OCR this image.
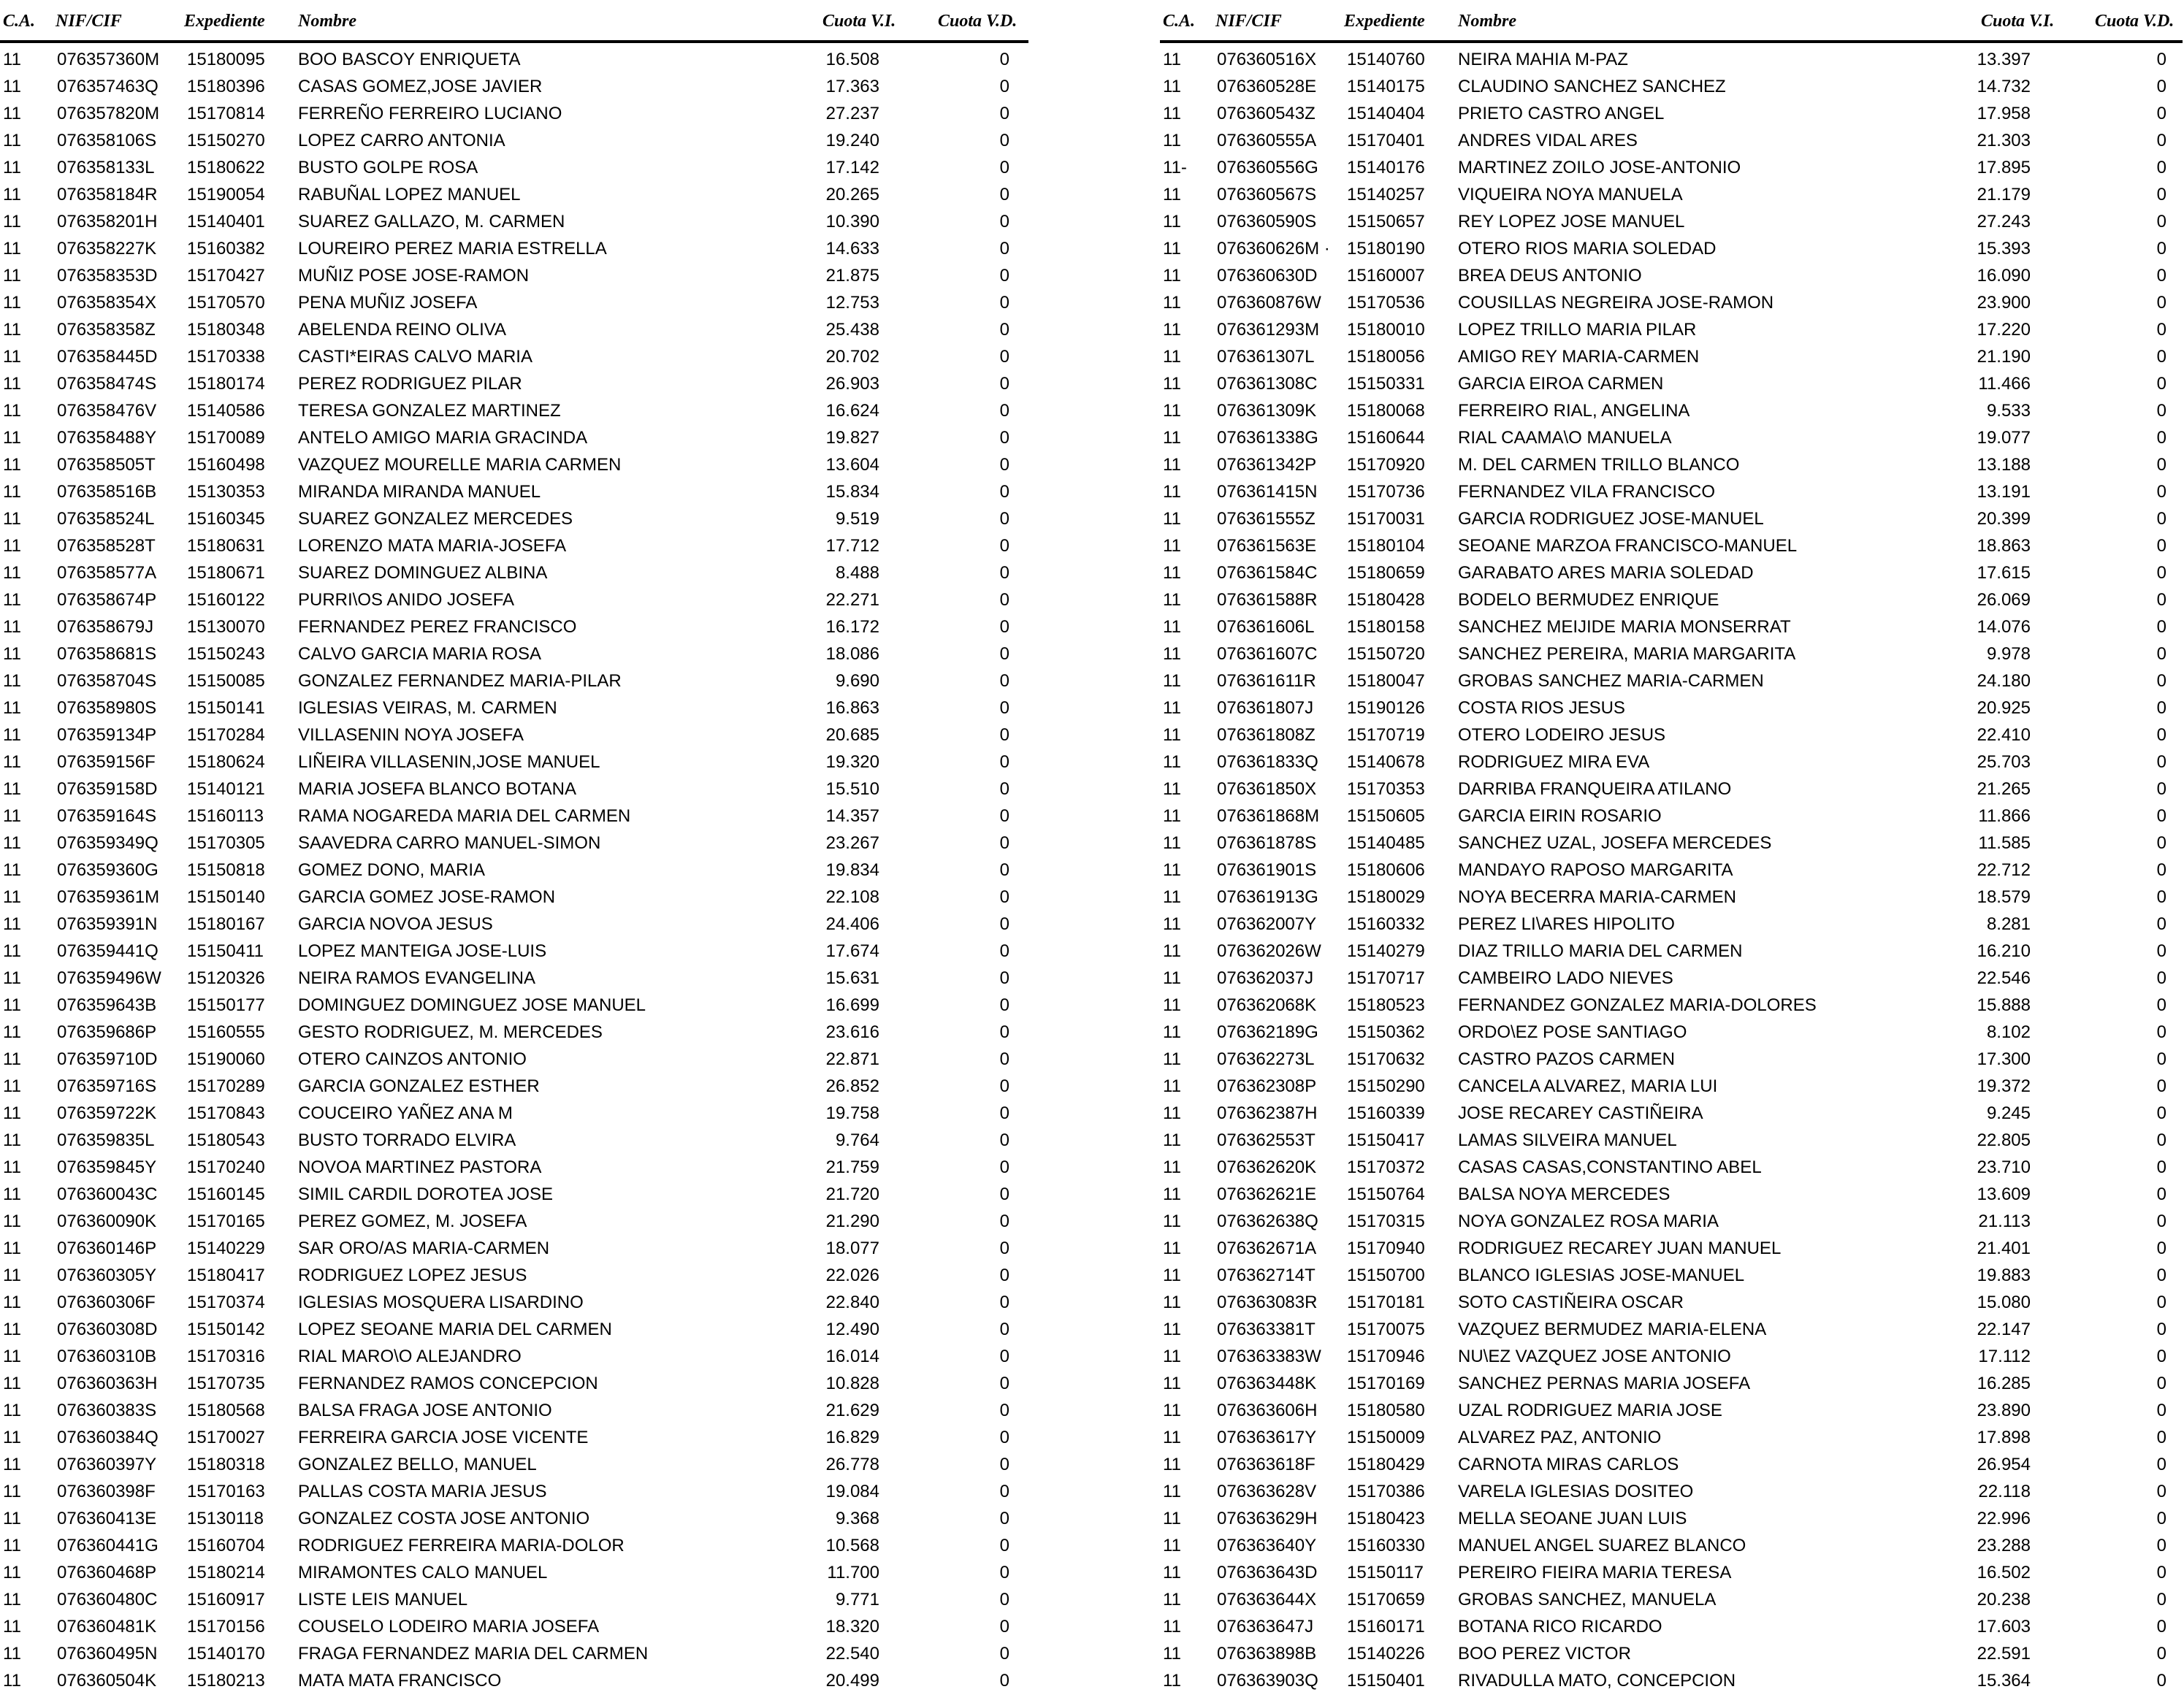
C.A. NIF/CIF	Expediente Nombre	Cuota V.I. Cuota V.D.
11 076357360M 15180095 BOO BASCOY ENRIQUETA	16.508	0
11 076357463Q 15180396 CASAS GOMEZ,JOSE JAVIER	17.363	0
11 076357820M 15170814 FERREÑO FERREIRO LUCIANO	27.237	0
11 076358106S 15150270 LOPEZ CARRO ANTONIA	19.240	0
11 076358133L 15180622 BUSTO GOLPE ROSA	17.142	0
11 076358184R 15190054 RABUÑAL LOPEZ MANUEL	20.265	0
11 076358201H 15140401 SUAREZ GALLAZO, M. CARMEN	10.390	0
11 076358227K 15160382 LOUREIRO PEREZ MARIA ESTRELLA	14.633	0
11 076358353D 15170427 MUÑIZ POSE JOSE-RAMON	21.875	0
11 076358354X 15170570 PENA MUÑIZ JOSEFA	12.753	0
11 076358358Z 15180348 ABELENDA REINO OLIVA	25.438	0
11 076358445D 15170338 CASTI*EIRAS CALVO MARIA	20.702	0
11 076358474S 15180174 PEREZ RODRIGUEZ PILAR	26.903	0
11 076358476V 15140586 TERESA GONZALEZ MARTINEZ	16.624	0
11 076358488Y 15170089 ANTELO AMIGO MARIA GRACINDA	19.827	0
11 076358505T 15160498 VAZQUEZ MOURELLE MARIA CARMEN	13.604	0
11 076358516B 15130353 MIRANDA MIRANDA MANUEL	15.834	0
11 076358524L 15160345 SUAREZ GONZALEZ MERCEDES	9.519	0
11 076358528T 15180631 LORENZO MATA MARIA-JOSEFA	17.712	0
11 076358577A 15180671 SUAREZ DOMINGUEZ ALBINA	8.488	0
11 076358674P 15160122 PURRI\OS ANIDO JOSEFA	22.271	0
11 076358679J 15130070 FERNANDEZ PEREZ FRANCISCO	16.172	0
11 076358681S 15150243 CALVO GARCIA MARIA ROSA	18.086	0
11 076358704S 15150085 GONZALEZ FERNANDEZ MARIA-PILAR	9.690	0
11 076358980S 15150141 IGLESIAS VEIRAS, M. CARMEN	16.863	0
11 076359134P 15170284 VILLASENIN NOYA JOSEFA	20.685	0
11 076359156F 15180624 LIÑEIRA VILLASENIN,JOSE MANUEL	19.320	0
11 076359158D 15140121 MARIA JOSEFA BLANCO BOTANA	15.510	0
11 076359164S 15160113 RAMA NOGAREDA MARIA DEL CARMEN	14.357	0
11 076359349Q 15170305 SAAVEDRA CARRO MANUEL-SIMON	23.267	0
11 076359360G 15150818 GOMEZ DONO, MARIA	19.834	0
11 076359361M 15150140 GARCIA GOMEZ JOSE-RAMON	22.108	0
11 076359391N 15180167 GARCIA NOVOA JESUS	24.406	0
11 076359441Q 15150411 LOPEZ MANTEIGA JOSE-LUIS	17.674	0
11 076359496W 15120326 NEIRA RAMOS EVANGELINA	15.631	0
11 076359643B 15150177 DOMINGUEZ DOMINGUEZ JOSE MANUEL	16.699	0
11 076359686P 15160555 GESTO RODRIGUEZ, M. MERCEDES	23.616	0
11 076359710D 15190060 OTERO CAINZOS ANTONIO	22.871	0
11 076359716S 15170289 GARCIA GONZALEZ ESTHER	26.852	0
11 076359722K 15170843 COUCEIRO YAÑEZ ANA M	19.758	0
11 076359835L 15180543 BUSTO TORRADO ELVIRA	9.764	0
11 076359845Y 15170240 NOVOA MARTINEZ PASTORA	21.759	0
11 076360043C 15160145 SIMIL CARDIL DOROTEA JOSE	21.720	0
11 076360090K 15170165 PEREZ GOMEZ, M. JOSEFA	21.290	0
11 076360146P 15140229 SAR ORO/AS MARIA-CARMEN	18.077	0
11 076360305Y 15180417 RODRIGUEZ LOPEZ JESUS	22.026	0
11 076360306F 15170374 IGLESIAS MOSQUERA LISARDINO	22.840	0
11 076360308D 15150142 LOPEZ SEOANE MARIA DEL CARMEN	12.490	0
11 076360310B 15170316 RIAL MARO\O ALEJANDRO	16.014	0
11 076360363H 15170735 FERNANDEZ RAMOS CONCEPCION	10.828	0
11 076360383S 15180568 BALSA FRAGA JOSE ANTONIO	21.629	0
11 076360384Q 15170027 FERREIRA GARCIA JOSE VICENTE	16.829	0
11 076360397Y 15180318 GONZALEZ BELLO, MANUEL	26.778	0
11 076360398F 15170163 PALLAS COSTA MARIA JESUS	19.084	0
11 076360413E 15130118 GONZALEZ COSTA JOSE ANTONIO	9.368	0
11 076360441G 15160704 RODRIGUEZ FERREIRA MARIA-DOLOR	10.568	0
11 076360468P 15180214 MIRAMONTES CALO MANUEL	11.700	0
11 076360480C 15160917 LISTE LEIS MANUEL	9.771	0
11 076360481K 15170156 COUSELO LODEIRO MARIA JOSEFA	18.320	0
11 076360495N 15140170 FRAGA FERNANDEZ MARIA DEL CARMEN	22.540	0
11 076360504K 15180213 MATA MATA FRANCISCO	20.499	0
C.A. NIF/CIF	Expediente Nombre	Cuota V.I. Cuota V.D.
11 076360516X 15140760 NEIRA MAHIA M-PAZ	13.397	0
11 076360528E 15140175 CLAUDINO SANCHEZ SANCHEZ	14.732	0
11 076360543Z 15140404 PRIETO CASTRO ANGEL	17.958	0
11 076360555A 15170401 ANDRES VIDAL ARES	21.303	0
11- 076360556G 15140176 MARTINEZ ZOILO JOSE-ANTONIO	17.895	0
11 076360567S 15140257 VIQUEIRA NOYA MANUELA	21.179	0
11 076360590S 15150657 REY LOPEZ JOSE MANUEL	27.243	0
11 076360626M · 15180190 OTERO RIOS MARIA SOLEDAD	15.393	0
11 076360630D 15160007 BREA DEUS ANTONIO	16.090	0
11 076360876W 15170536 COUSILLAS NEGREIRA JOSE-RAMON	23.900	0
11 076361293M 15180010 LOPEZ TRILLO MARIA PILAR	17.220	0
11 076361307L 15180056 AMIGO REY MARIA-CARMEN	21.190	0
11 076361308C 15150331 GARCIA EIROA CARMEN	11.466	0
11 076361309K 15180068 FERREIRO RIAL, ANGELINA	9.533	0
11 076361338G 15160644 RIAL CAAMA\O MANUELA	19.077	0
11 076361342P 15170920 M. DEL CARMEN TRILLO BLANCO	13.188	0
11 076361415N 15170736 FERNANDEZ VILA FRANCISCO	13.191	0
11 076361555Z 15170031 GARCIA RODRIGUEZ JOSE-MANUEL	20.399	0
11 076361563E 15180104 SEOANE MARZOA FRANCISCO-MANUEL	18.863	0
11 076361584C 15180659 GARABATO ARES MARIA SOLEDAD	17.615	0
11 076361588R 15180428 BODELO BERMUDEZ ENRIQUE	26.069	0
11 076361606L 15180158 SANCHEZ MEIJIDE MARIA MONSERRAT	14.076	0
11 076361607C 15150720 SANCHEZ PEREIRA, MARIA MARGARITA	9.978	0
11 076361611R 15180047 GROBAS SANCHEZ MARIA-CARMEN	24.180	0
11 076361807J 15190126 COSTA RIOS JESUS	20.925	0
11 076361808Z 15170719 OTERO LODEIRO JESUS	22.410	0
11 076361833Q 15140678 RODRIGUEZ MIRA EVA	25.703	0
11 076361850X 15170353 DARRIBA FRANQUEIRA ATILANO	21.265	0
11 076361868M 15150605 GARCIA EIRIN ROSARIO	11.866	0
11 076361878S 15140485 SANCHEZ UZAL, JOSEFA MERCEDES	11.585	0
11 076361901S 15180606 MANDAYO RAPOSO MARGARITA	22.712	0
11 076361913G 15180029 NOYA BECERRA MARIA-CARMEN	18.579	0
11 076362007Y 15160332 PEREZ LI\ARES HIPOLITO	8.281	0
11 076362026W 15140279 DIAZ TRILLO MARIA DEL CARMEN	16.210	0
11 076362037J 15170717 CAMBEIRO LADO NIEVES	22.546	0
11 076362068K 15180523 FERNANDEZ GONZALEZ MARIA-DOLORES	15.888	0
11 076362189G 15150362 ORDO\EZ POSE SANTIAGO	8.102	0
11 076362273L 15170632 CASTRO PAZOS CARMEN	17.300	0
11 076362308P 15150290 CANCELA ALVAREZ, MARIA LUI	19.372	0
11 076362387H 15160339 JOSE RECAREY CASTIÑEIRA	9.245	0
11 076362553T 15150417 LAMAS SILVEIRA MANUEL	22.805	0
11 076362620K 15170372 CASAS CASAS,CONSTANTINO ABEL	23.710	0
11 076362621E 15150764 BALSA NOYA MERCEDES	13.609	0
11 076362638Q 15170315 NOYA GONZALEZ ROSA MARIA	21.113	0
11 076362671A 15170940 RODRIGUEZ RECAREY JUAN MANUEL	21.401	0
11 076362714T 15150700 BLANCO IGLESIAS JOSE-MANUEL	19.883	0
11 076363083R 15170181 SOTO CASTIÑEIRA OSCAR	15.080	0
11 076363381T 15170075 VAZQUEZ BERMUDEZ MARIA-ELENA	22.147	0
11 076363383W 15170946 NU\EZ VAZQUEZ JOSE ANTONIO	17.112	0
11 076363448K 15170169 SANCHEZ PERNAS MARIA JOSEFA	16.285	0
11 076363606H 15180580 UZAL RODRIGUEZ MARIA JOSE	23.890	0
11 076363617Y 15150009 ALVAREZ PAZ, ANTONIO	17.898	0
11 076363618F 15180429 CARNOTA MIRAS CARLOS	26.954	0
11 076363628V 15170386 VARELA IGLESIAS DOSITEO	22.118	0
11 076363629H 15180423 MELLA SEOANE JUAN LUIS	22.996	0
11 076363640Y 15160330 MANUEL ANGEL SUAREZ BLANCO	23.288	0
11 076363643D 15150117 PEREIRO FIEIRA MARIA TERESA	16.502	0
11 076363644X 15170659 GROBAS SANCHEZ, MANUELA	20.238	0
11 076363647J 15160171 BOTANA RICO RICARDO	17.603	0
11 076363898B 15140226 BOO PEREZ VICTOR	22.591	0
11 076363903Q 15150401 RIVADULLA MATO, CONCEPCION	15.364	0
